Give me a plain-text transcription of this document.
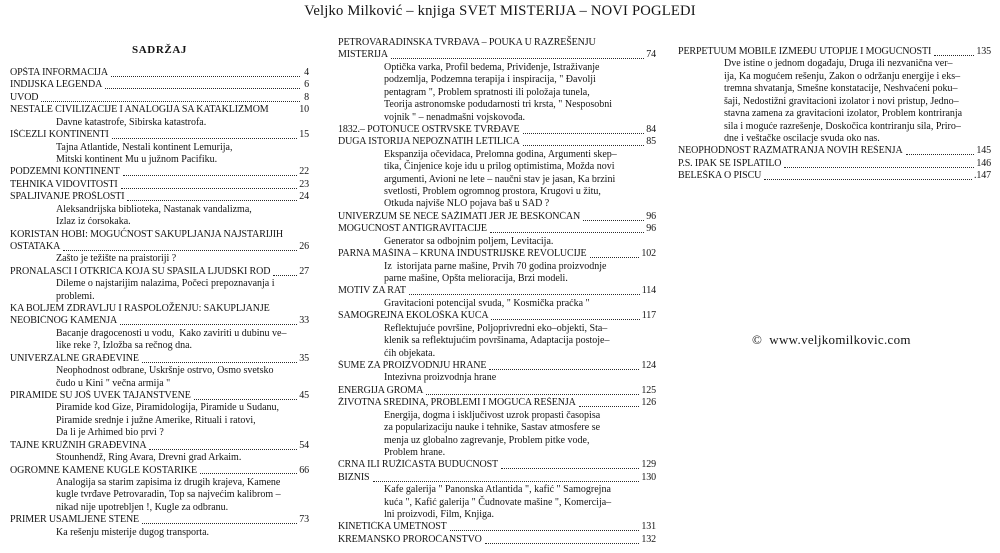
Veljko Milković – knjiga SVET MISTERIJA – NOVI POGLEDI
SADRŽAJ
OPŠTA INFORMACIJA	4
INDIJSKA LEGENDA	6
UVOD	8
NESTALE CIVILIZACIJE I ANALOGIJA SA KATAKLIZMOM	10
Davne katastrofe, Sibirska katastrofa.
IŠČEZLI KONTINENTI	15
Tajna Atlantide, Nestali kontinent Lemurija,
Mitski kontinent Mu u južnom Pacifiku.
PODZEMNI KONTINENT	22
TEHNIKA VIDOVITOSTI	23
SPALJIVANJE PROŠLOSTI	24
Aleksandrijska biblioteka, Nastanak vandalizma,
Izlaz iz ćorsokaka.
KORISTAN HOBI: MOGUĆNOST SAKUPLJANJA NAJSTARIJIH
OSTATAKA	26
Zašto je težište na praistoriji ?
PRONALASCI I OTKRIĆA KOJA SU SPASILA LJUDSKI ROD	27
Dileme o najstarijim nalazima, Počeci prepoznavanja i
problemi.
KA BOLJEM ZDRAVLJU I RASPOLOŽENJU: SAKUPLJANJE
NEOBIČNOG KAMENJA	33
Bacanje dragocenosti u vodu,  Kako zaviriti u dubinu ve–
like reke ?, Izložba sa rečnog dna.
UNIVERZALNE GRAĐEVINE	35
Neophodnost odbrane, Uskršnje ostrvo, Osmo svetsko
čudo u Kini " večna armija "
PIRAMIDE SU JOŠ UVEK TAJANSTVENE	45
Piramide kod Gize, Piramidologija, Piramide u Sudanu,
Piramide srednje i južne Amerike, Rituali i ratovi,
Da li je Arhimed bio prvi ?
TAJNE KRUŽNIH GRAĐEVINA	54
Stounhendž, Ring Avara, Drevni grad Arkaim.
OGROMNE KAMENE KUGLE KOSTARIKE	66
Analogija sa starim zapisima iz drugih krajeva, Kamene
kugle tvrđave Petrovaradin, Top sa najvećim kalibrom –
nikad nije upotrebljen !, Kugle za odbranu.
PRIMER USAMLJENE STENE	73
Ka rešenju misterije dugog transporta.
PETROVARADINSKA TVRĐAVA – POUKA U RAZREŠENJU
MISTERIJA	74
Optička varka, Profil bedema, Priviđenje, Istraživanje
podzemlja, Podzemna terapija i inspiracija, " Đavolji
pentagram ", Problem spratnosti ili položaja tunela,
Teorija astronomske podudarnosti tri krsta, " Nesposobni
vojnik " – nenadmašni vojskovođa.
1832.– POTONUĆE OSTRVSKE TVRĐAVE	84
DUGA ISTORIJA NEPOZNATIH LETILICA	85
Ekspanzija očevidaca, Prelomna godina, Argumenti skep–
tika, Činjenice koje idu u prilog optimistima, Možda novi
argumenti, Avioni ne lete – naučni stav je jasan, Ka brzini
svetlosti, Problem ogromnog prostora, Krugovi u žitu,
Otkuda najviše NLO pojava baš u SAD ?
UNIVERZUM SE NEĆE SAŽIMATI JER JE BESKONČAN	96
MOGUĆNOST ANTIGRAVITACIJE	96
Generator sa odbojnim poljem, Levitacija.
PARNA MAŠINA – KRUNA INDUSTRIJSKE REVOLUCIJE	102
Iz  istorijata parne mašine, Prvih 70 godina proizvodnje
parne mašine, Opšta melioracija, Brzi modeli.
MOTIV ZA RAT	114
Gravitacioni potencijal svuda, " Kosmička praćka "
SAMOGREJNA EKOLOŠKA KUĆA	117
Reflektujuće površine, Poljoprivredni eko–objekti, Sta–
klenik sa reflektujućim površinama, Adaptacija postoje–
ćih objekata.
ŠUME ZA PROIZVODNJU HRANE	124
Intezivna proizvodnja hrane
ENERGIJA GROMA	125
ŽIVOTNA SREDINA, PROBLEMI I MOGUĆA REŠENJA	126
Energija, dogma i isključivost uzrok propasti časopisa
za popularizaciju nauke i tehnike, Sastav atmosfere se
menja uz globalno zagrevanje, Problem pitke vode,
Problem hrane.
CRNA ILI RUŽIČASTA BUDUĆNOST	129
BIZNIS	130
Kafe galerija " Panonska Atlantida ", kafić " Samogrejna
kuća ", Kafić galerija " Čudnovate mašine ", Komercija–
lni proizvodi, Film, Knjiga.
KINETIČKA UMETNOST	131
KREMANSKO PROROČANSTVO	132
PERPETUUM MOBILE IZMEĐU UTOPIJE I MOGUĆNOSTI	135
Dve istine o jednom događaju, Druga ili nezvanična ver–
ija, Ka mogućem rešenju, Zakon o održanju energije i eks–
tremna shvatanja, Smešne konstatacije, Neshvaćeni poku–
šaji, Nedostižni gravitacioni izolator i novi pristup, Jedno–
stavna zamena za gravitacioni izolator, Problem kontriranja
sila i moguće razrešenje, Doskočica kontriranju sila, Priro–
dne i veštačke oscilacje svuda oko nas.
NEOPHODNOST RAZMATRANJA NOVIH REŠENJA	145
P.S. IPAK SE ISPLATILO	146
BELEŠKA O PISCU	.147
©  www.veljkomilkovic.com
